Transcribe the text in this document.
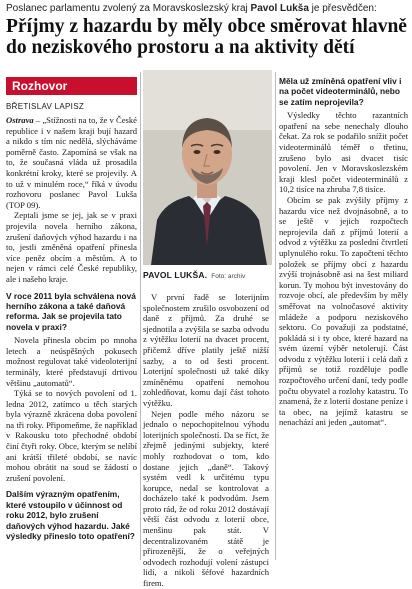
Poslanec parlamentu zvolený za Moravskoslezský kraj Pavol Lukša je přesvědčen:
Příjmy z hazardu by měly obce směrovat hlavně do neziskového prostoru a na aktivity dětí
Rozhovor
BŘETISLAV LAPISZ

Ostrava – „Stížnosti na to, že v České republice i v našem kraji bují hazard a nikdo s tím nic nedělá, slýcháváme poměrně často. Zapomíná se však na to, že současná vláda už prosadila konkrétní kroky, které se projevily. A to už v minulém roce,“ říká v úvodu rozhovoru poslanec Pavol Lukša (TOP 09).

Zeptali jsme se jej, jak se v praxi projevila novela herního zákona, zrušení daňových výhod hazardu i na to, jestli změněná opatření přinesla více peněz obcím a městům. A to nejen v rámci celé České republiky, ale i našeho kraje.

V roce 2011 byla schválena nová herního zákona a také daňová reforma. Jak se projevila tato novela v praxi?

Novela přinesla obcím po mnoha letech a neúspěšných pokusech možnost regulovat také videoloterijní terminály, které představují drtivou většinu „automatů“.

Týká se to nových povolení od 1. ledna 2012, zatímco u těch starých byla výrazně zkrácena doba povolení na tři roky. Připomeňme, že například v Rakousku toto přechodné období činí čtyři roky. Obce, kterým se nelíbí ani krátší třileté období, se navíc mohou obrátit na soud se žádostí o zrušení povolení.

Dalším výrazným opatřením, které vstoupilo v účinnost od roku 2012, bylo zrušení daňových výhod hazardu. Jaké výsledky přineslo toto opatření?

PAVOL LUKŠA. Foto: archiv

V první řadě se loterijním společnostem zrušilo osvobození od daně z příjmů. Za druhé se sjednotila a zvýšila se sazba odvodu z výtěžku loterií na dvacet procent, přičemž dříve platily ještě nižší sazby, a to od šesti procent. Loterijní společnosti už také díky zmíněnému opatření nemohou zohledňovat, komu dají část tohoto výtěžku.

Nejen podle mého názoru se jednalo o nepochopitelnou výhodu loterijních společností. Da se říct, že zřejmě jedinými subjekty, které mohly rozhodovat o tom, kdo dostane jejich „daně“. Takový systém vedl k určitému typu korupce, nedal se kontrolovat a docházelo také k podvodům. Jsem proto rád, že od roku 2012 dostávají větší část odvodu z loterií obce, menšinu pak stát. V decentralizovaném státě je přirozenější, že o veřejných odvodech rozhodují volení zástupci lidí, a nikoli šéfové hazardních firem.

Měla už zmíněná opatření vliv i na počet videoterminálů, nebo se zatím neprojevila?

Výsledky těchto razantních opatření na sebe nenechaly dlouho čekat. Za rok se podařilo snížit počet videoterminálů téměř o třetinu, zrušeno bylo asi dvacet tisíc povolení. Jen v Moravskoslezském kraji klesl počet videoterminálů z 10,2 tisíce na zhruba 7,8 tisíce.

Obcím se pak zvýšily příjmy z hazardu více než dvojnásobně, a to se ještě v jejich rozpočtech neprojevila daň z příjmů loterií a odvod z výtěžku za poslední čtvrtletí uplynulého roku. To započtení těchto položek se příjmy obcí z hazardu zvýší trojnásobně asi na šest miliard korun. Ty mohou být investovány do rozvoje obcí, ale především by měly směřovat na volnočasové aktivity mládeže a podporu neziskového sektoru. Co považuji za podstatné, pokládá si i ty obce, které hazard na svém území výběr netolerují. Část odvodu z výtěžku loterií i celá daň z příjmů se totiž rozděluje podle rozpočtového určení daní, tedy podle počtu obyvatel a rozlohy katastru. To znamená, že z loterií dostane peníze i ta obec, na jejímž katastru se nenachází ani jeden „automat“.
